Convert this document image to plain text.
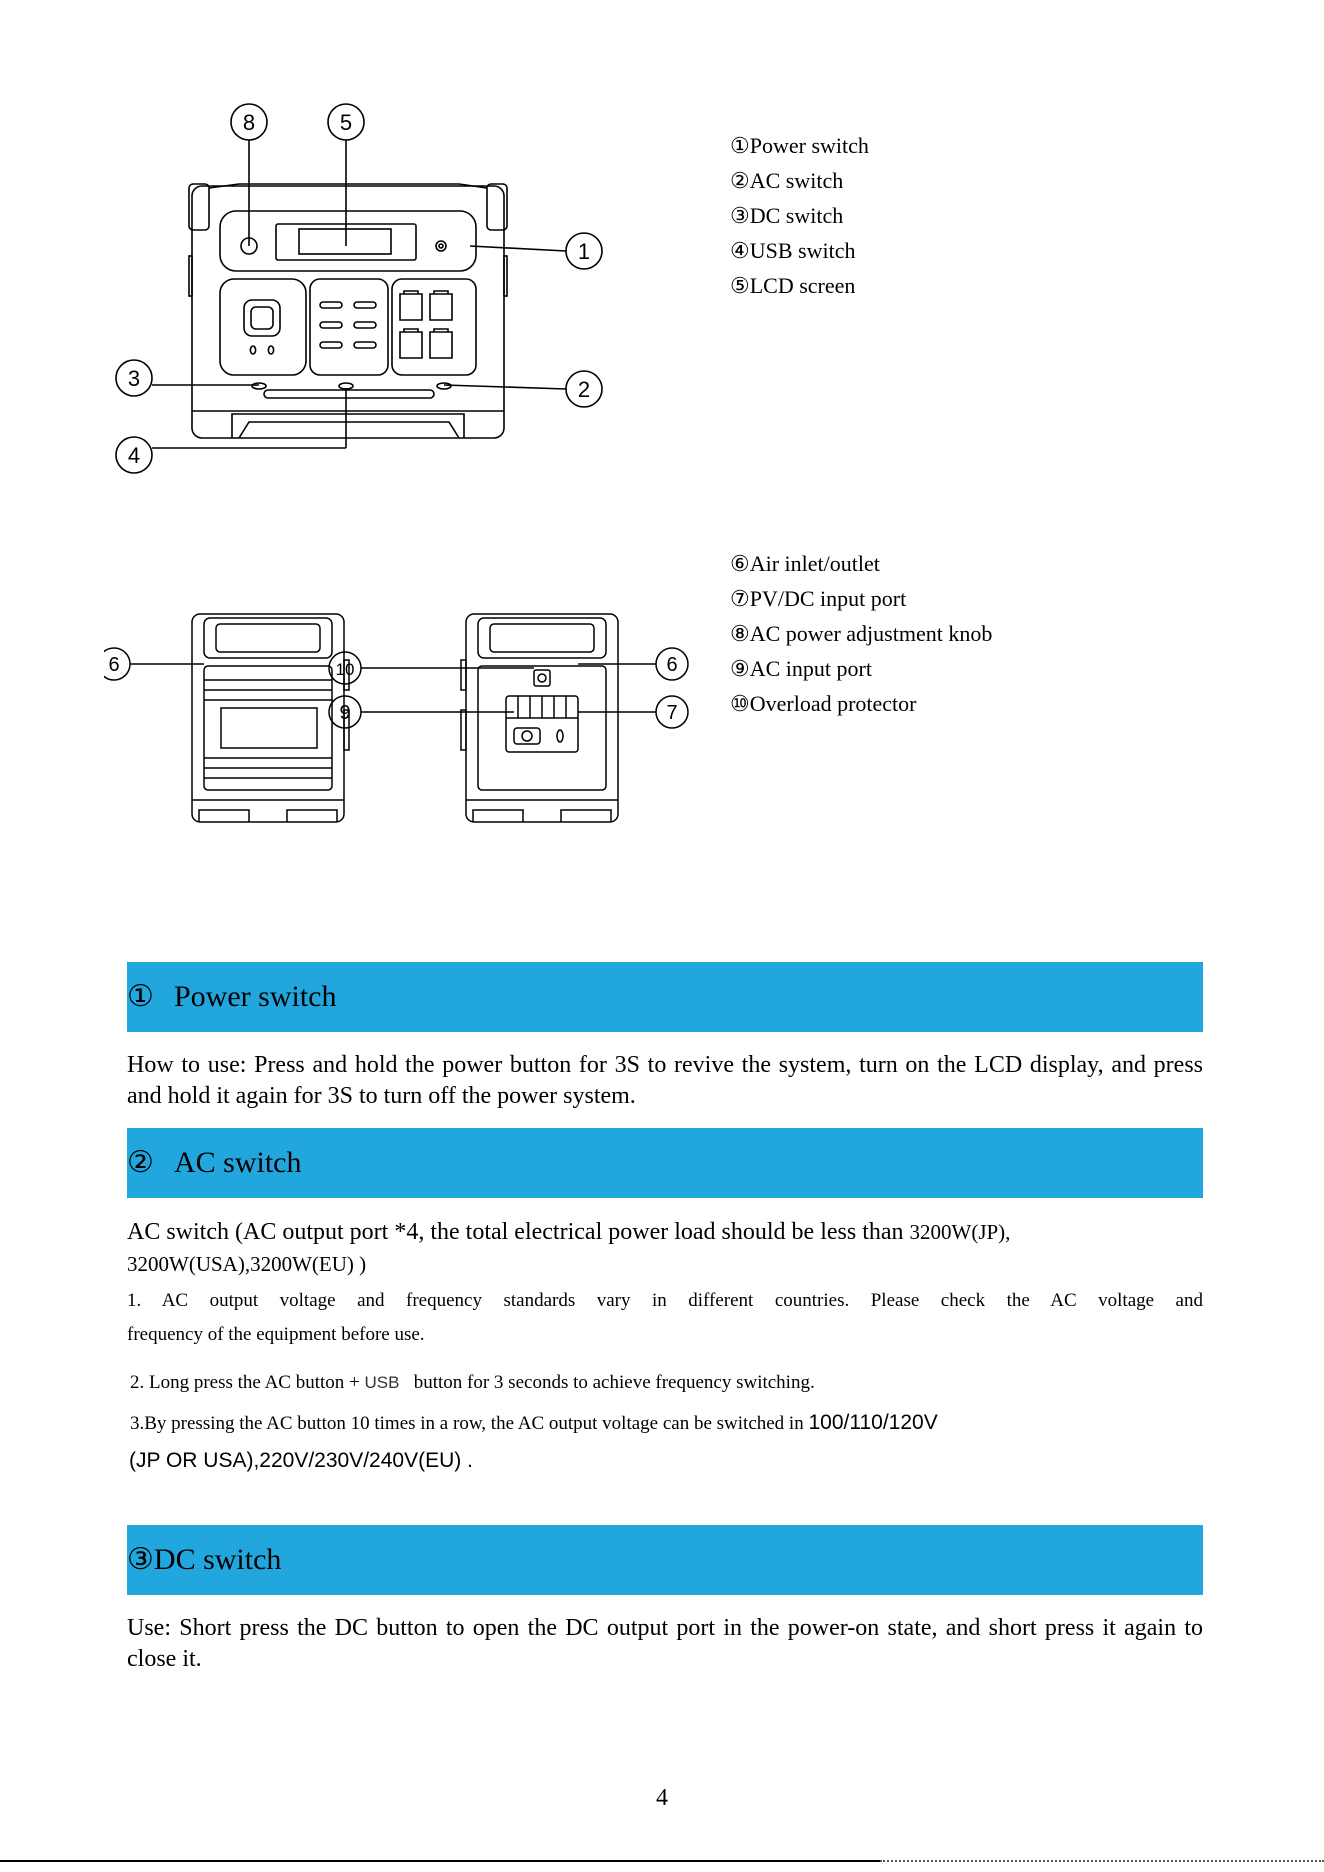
8	5
1
3	2
4
①Power switch
②AC switch
③DC switch
④USB switch
⑤LCD screen
6	10
9
6
7
⑥Air inlet/outlet
⑦PV/DC input port
⑧AC power adjustment knob
⑨AC input port
⑩Overload protector
① Power switch
How to use: Press and hold the power button for 3S to revive the system, turn on the LCD display, and press and hold it again for 3S to turn off the power system.
② AC switch
AC switch (AC output port *4, the total electrical power load should be less than 3200W(JP),
3200W(USA),3200W(EU) )
1. AC output voltage and frequency standards vary in different countries. Please check the AC voltage and
frequency of the equipment before use.
2. Long press the AC button + USB button for 3 seconds to achieve frequency switching.
3.By pressing the AC button 10 times in a row, the AC output voltage can be switched in 100/110/120V
(JP OR USA),220V/230V/240V(EU) .
③DC switch
Use: Short press the DC button to open the DC output port in the power-on state, and short press it again to close it.
4
